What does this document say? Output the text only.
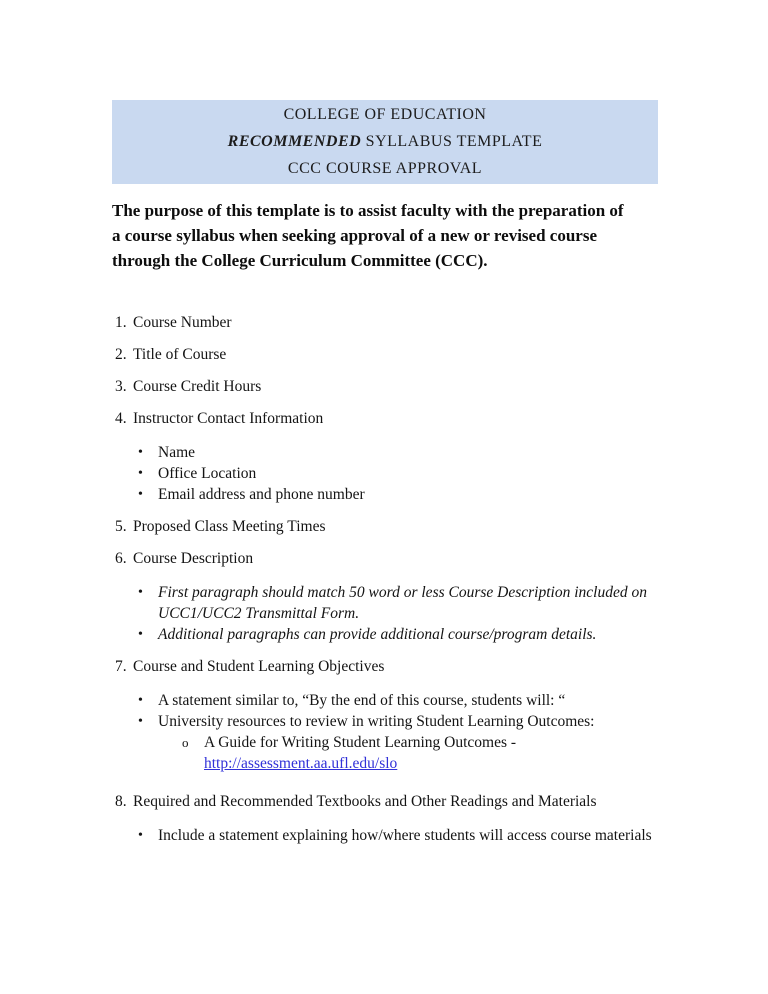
COLLEGE OF EDUCATION
RECOMMENDED SYLLABUS TEMPLATE
CCC COURSE APPROVAL
The purpose of this template is to assist faculty with the preparation of
a course syllabus when seeking approval of a new or revised course
through the College Curriculum Committee (CCC).
1. Course Number
2. Title of Course
3. Course Credit Hours
4. Instructor Contact Information
• Name
• Office Location
• Email address and phone number
5. Proposed Class Meeting Times
6. Course Description
• First paragraph should match 50 word or less Course Description included on UCC1/UCC2 Transmittal Form.
• Additional paragraphs can provide additional course/program details.
7. Course and Student Learning Objectives
• A statement similar to, “By the end of this course, students will: “
• University resources to review in writing Student Learning Outcomes:
o	A Guide for Writing Student Learning Outcomes -
http://assessment.aa.ufl.edu/slo
8. Required and Recommended Textbooks and Other Readings and Materials
• Include a statement explaining how/where students will access course materials
